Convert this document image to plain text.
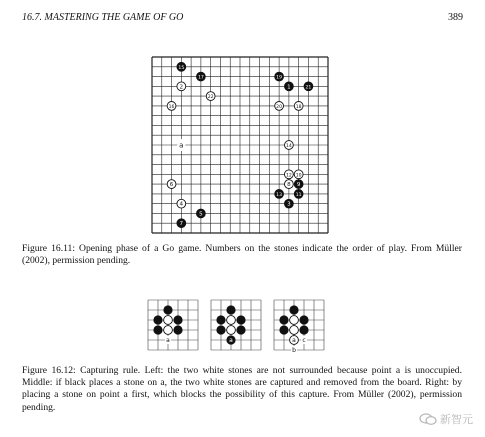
16.7. MASTERING THE GAME OF GO	389
a
1
2
3
4
5
6
7
8 9
10
11
12
13
14
15
16
17
18
19
20
21
22
Figure 16.11: Opening phase of a Go game. Numbers on the stones indicate the order of play. From Müller (2002), permission pending.
a	a	a
b
c
Figure 16.12: Capturing rule. Left: the two white stones are not surrounded because point a is unoccupied. Middle: if black places a stone on a, the two white stones are captured and removed from the board. Right: by placing a stone on point a first, which blocks the possibility of this capture. From Müller (2002), permission pending.
新智元
